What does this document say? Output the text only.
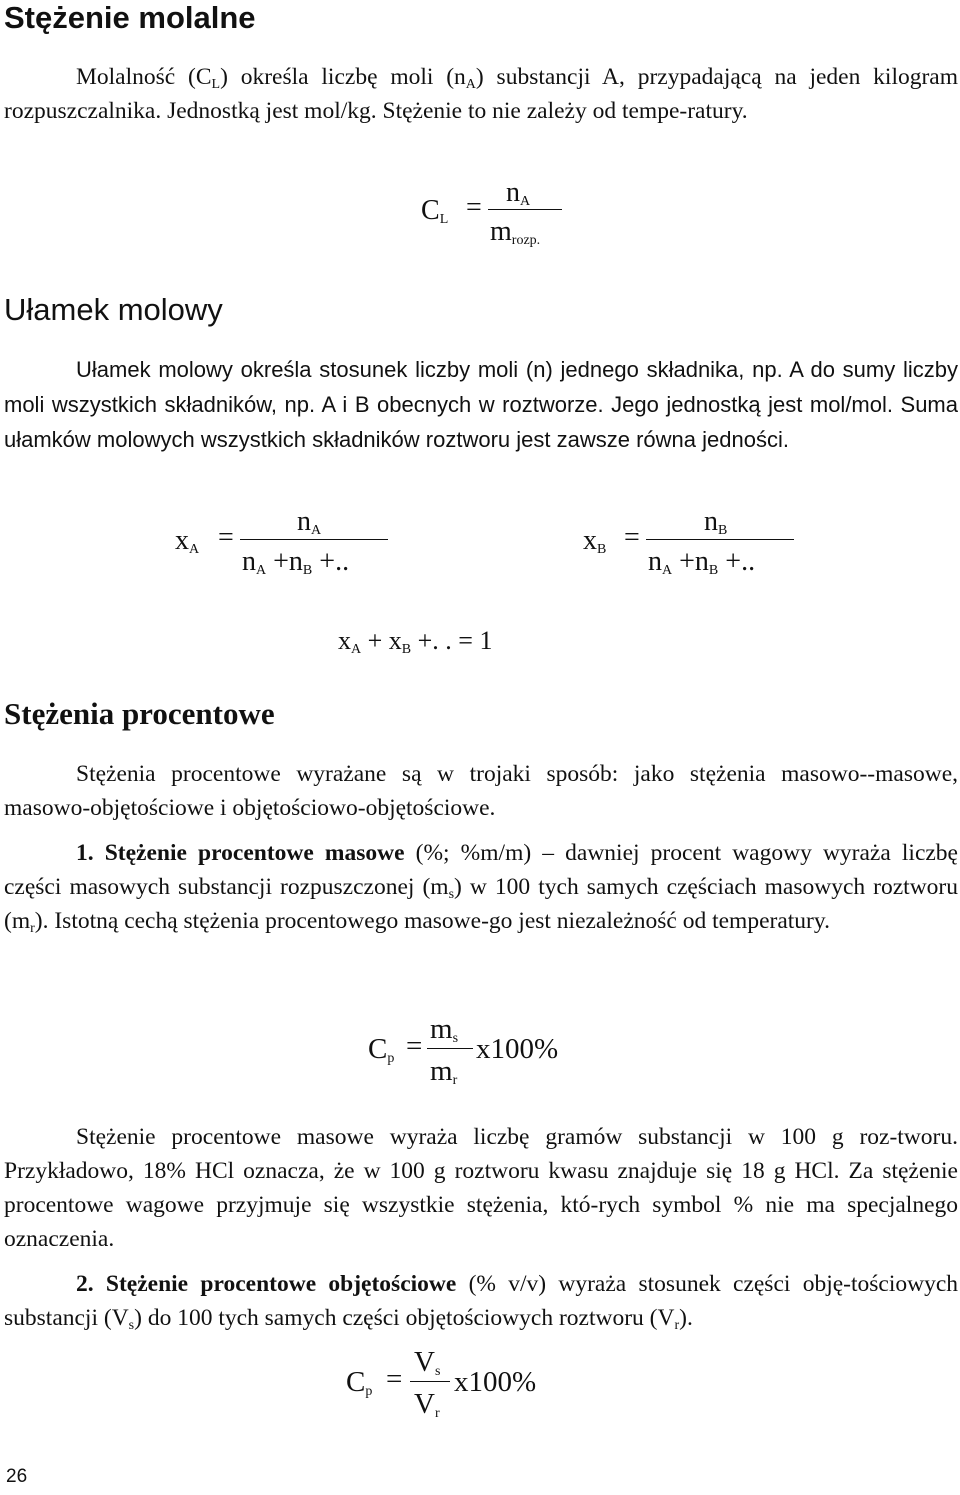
Stężenie molalne

Molalność $(C_L)$ określa liczbę moli $(n_A)$ substancji A, przypadającą na jeden kilogram rozpuszczalnika. Jednostką jest mol/kg. Stężenie to nie zależy od tempe-ratury.

$C_L = n_A$
$m_{rozp.}$
Ułamek molowy

Ułamek molowy określa stosunek liczby moli (n) jednego składnika, np. A do sumy liczby moli wszystkich składników, np. A i B obecnych w roztworze. Jego jednostką jest mol/mol. Suma ułamków molowych wszystkich składników roztworu jest zawsze równa jedności.

$x_A$ =
$n_A$
$n_A +n_B$ +..
$x_B$ =
$n_B$
$n_A +n_B$ +..
$x_A + x_B$ +. . = 1
Stężenia procentowe

Stężenia procentowe wyrażane są w trojaki sposób: jako stężenia masowo--masowe, masowo-objętościowe i objętościowo-objętościowe.

1. Stężenie procentowe masowe (%; %m/m) – dawniej procent wagowy wyraża liczbę części masowych substancji rozpuszczonej $(m_s)$ w 100 tych samych częściach masowych roztworu $(m_r)$. Istotną cechą stężenia procentowego masowe-go jest niezależność od temperatury.

$C_p$ =
$m_s$
$m_r$
x100%

Stężenie procentowe masowe wyraża liczbę gramów substancji w 100 g roz-tworu. Przykładowo, 18% HCl oznacza, że w 100 g roztworu kwasu znajduje się 18 g HCl. Za stężenie procentowe wagowe przyjmuje się wszystkie stężenia, któ-rych symbol % nie ma specjalnego oznaczenia.

2. Stężenie procentowe objętościowe (% v/v) wyraża stosunek części obję-tościowych substancji $(V_s)$ do 100 tych samych części objętościowych roztworu $(V_r)$.

$C_p$ =
$V_s$
$V_r$
x100%
26
